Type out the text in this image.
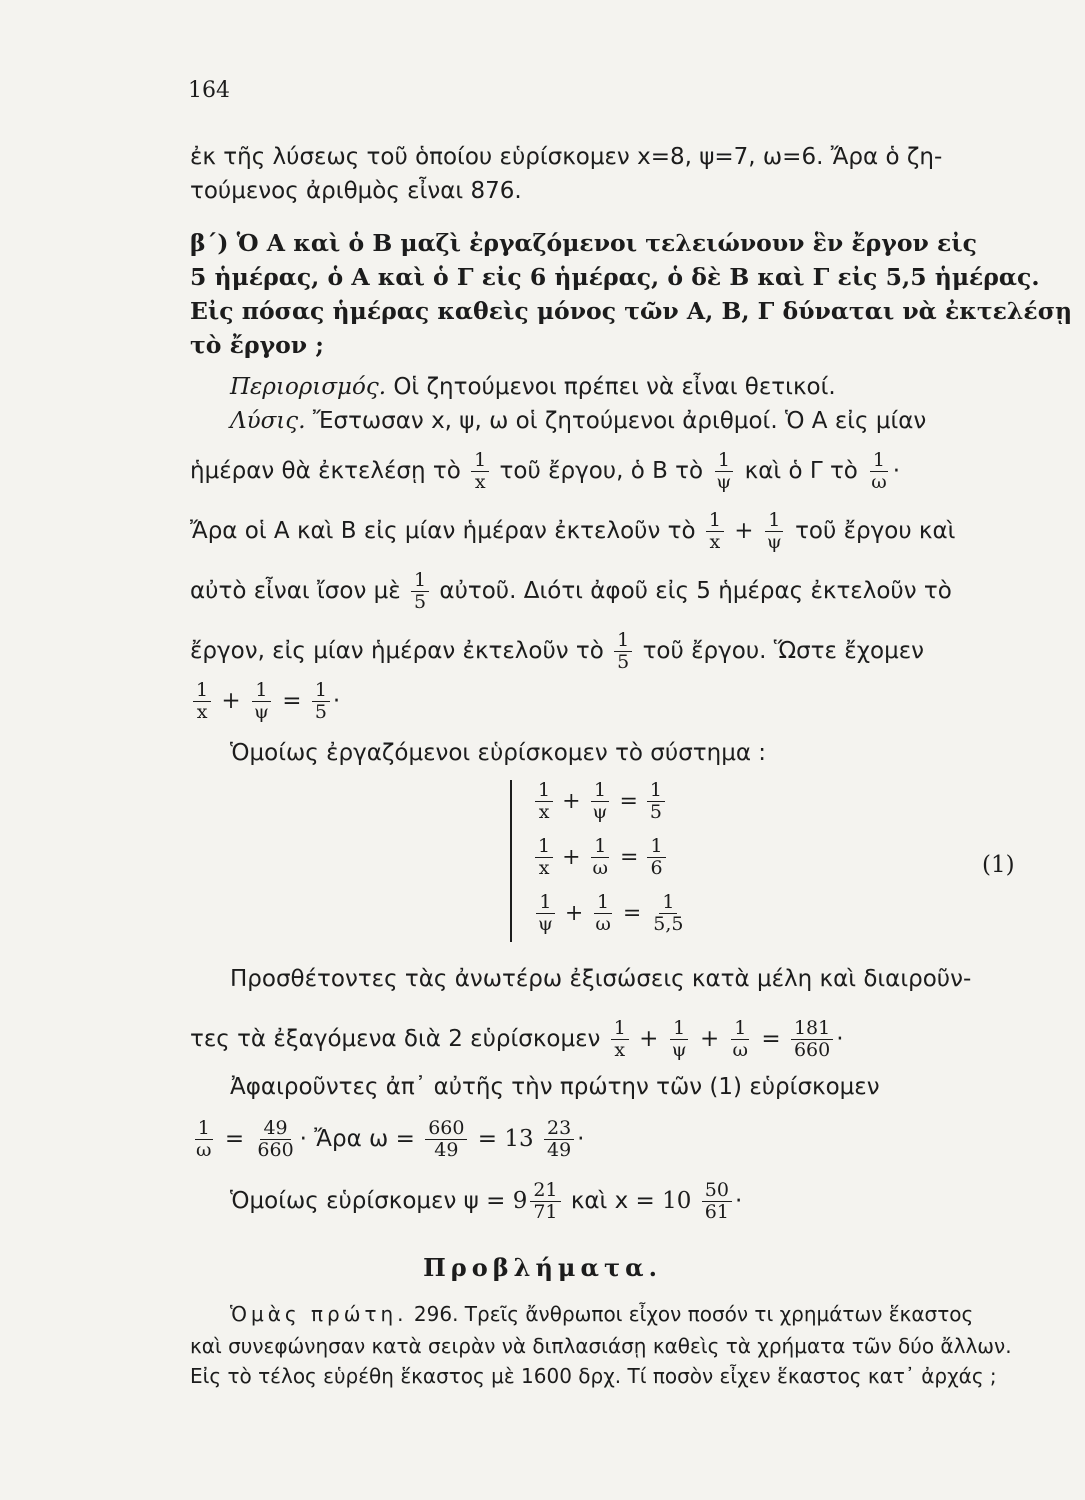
164
ἐκ τῆς λύσεως τοῦ ὁποίου εὑρίσκομεν x=8, ψ=7, ω=6. Ἄρα ὁ ζη-
τούμενος ἀριθμὸς εἶναι 876.
β΄) Ὁ Α καὶ ὁ Β μαζὶ ἐργαζόμενοι τελειώνουν ἓν ἔργον εἰς
5 ἡμέρας, ὁ Α καὶ ὁ Γ εἰς 6 ἡμέρας, ὁ δὲ Β καὶ Γ εἰς 5,5 ἡμέρας.
Εἰς πόσας ἡμέρας καθεὶς μόνος τῶν Α, Β, Γ δύναται νὰ ἐκτελέσῃ
τὸ ἔργον ;
Περιορισμός. Οἱ ζητούμενοι πρέπει νὰ εἶναι θετικοί.
Λύσις. Ἔστωσαν x, ψ, ω οἱ ζητούμενοι ἀριθμοί. Ὁ Α εἰς μίαν
ἡμέραν θὰ ἐκτελέσῃ τὸ $\frac{1}{x}$ τοῦ ἔργου, ὁ Β τὸ $\frac{1}{\psi}$ καὶ ὁ Γ τὸ $\frac{1}{\omega}$ ·
Ἄρα οἱ Α καὶ Β εἰς μίαν ἡμέραν ἐκτελοῦν τὸ $\frac{1}{x} + \frac{1}{\psi}$ τοῦ ἔργου καὶ
αὐτὸ εἶναι ἴσον μὲ $\frac{1}{5}$ αὐτοῦ. Διότι ἀφοῦ εἰς 5 ἡμέρας ἐκτελοῦν τὸ
ἔργον, εἰς μίαν ἡμέραν ἐκτελοῦν τὸ $\frac{1}{5}$ τοῦ ἔργου. Ὥστε ἔχομεν
$\frac{1}{x} + \frac{1}{\psi} = \frac{1}{5}$ ·
Ὁμοίως ἐργαζόμενοι εὑρίσκομεν τὸ σύστημα :
$\frac{1}{x} + \frac{1}{\psi} = \frac{1}{5}$
$\frac{1}{x} + \frac{1}{\omega} = \frac{1}{6}$
$\frac{1}{\psi} + \frac{1}{\omega} = \frac{1}{5,5}$
(1)
Προσθέτοντες τὰς ἀνωτέρω ἐξισώσεις κατὰ μέλη καὶ διαιροῦν-
τες τὰ ἐξαγόμενα διὰ 2 εὑρίσκομεν $\frac{1}{x} + \frac{1}{\psi} + \frac{1}{\omega} = \frac{181}{660}$ ·
Ἀφαιροῦντες ἀπ᾽ αὐτῆς τὴν πρώτην τῶν (1) εὑρίσκομεν
$\frac{1}{\omega} = \frac{49}{660}$ · Ἄρα $\omega = \frac{660}{49} = 13 \frac{23}{49}$ ·
Ὁμοίως εὑρίσκομεν $\psi = 9 \frac{21}{71}$ καὶ $x = 10 \frac{50}{61}$ ·
Προβλήματα.
Ὁμὰς πρώτη. 296. Τρεῖς ἄνθρωποι εἶχον ποσόν τι χρημάτων ἕκαστος
καὶ συνεφώνησαν κατὰ σειρὰν νὰ διπλασιάσῃ καθεὶς τὰ χρήματα τῶν δύο ἄλλων.
Εἰς τὸ τέλος εὑρέθη ἕκαστος μὲ 1600 δρχ. Τί ποσὸν εἶχεν ἕκαστος κατ᾽ ἀρχάς ;
